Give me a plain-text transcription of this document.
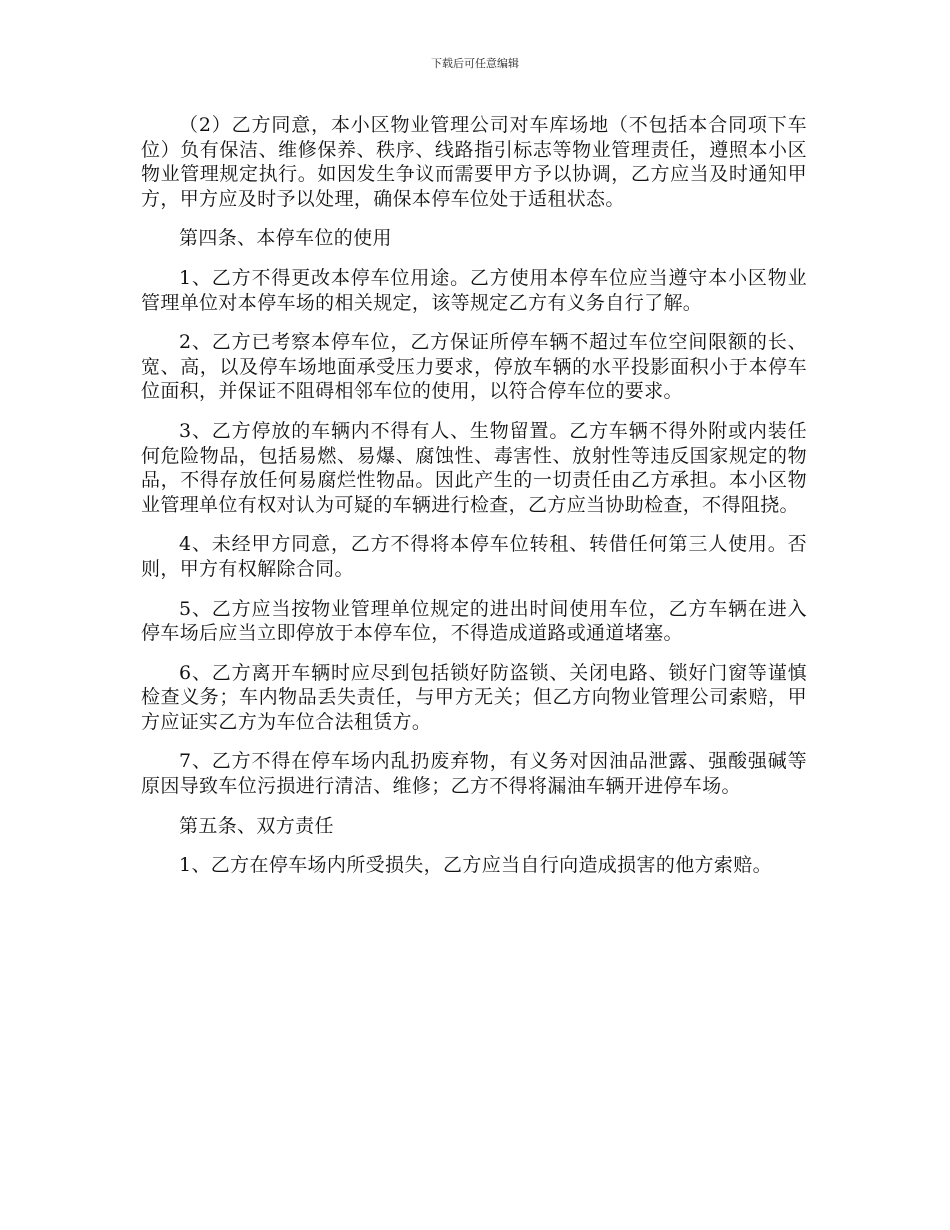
下载后可任意编辑

（2）乙方同意，本小区物业管理公司对车库场地（不包括本合同项下车位）负有保洁、维修保养、秩序、线路指引标志等物业管理责任，遵照本小区物业管理规定执行。如因发生争议而需要甲方予以协调，乙方应当及时通知甲方，甲方应及时予以处理，确保本停车位处于适租状态。

第四条、本停车位的使用

1、乙方不得更改本停车位用途。乙方使用本停车位应当遵守本小区物业管理单位对本停车场的相关规定，该等规定乙方有义务自行了解。

2、乙方已考察本停车位，乙方保证所停车辆不超过车位空间限额的长、宽、高，以及停车场地面承受压力要求，停放车辆的水平投影面积小于本停车位面积，并保证不阻碍相邻车位的使用，以符合停车位的要求。

3、乙方停放的车辆内不得有人、生物留置。乙方车辆不得外附或内装任何危险物品，包括易燃、易爆、腐蚀性、毒害性、放射性等违反国家规定的物品，不得存放任何易腐烂性物品。因此产生的一切责任由乙方承担。本小区物业管理单位有权对认为可疑的车辆进行检查，乙方应当协助检查，不得阻挠。

4、未经甲方同意，乙方不得将本停车位转租、转借任何第三人使用。否则，甲方有权解除合同。

5、乙方应当按物业管理单位规定的进出时间使用车位，乙方车辆在进入停车场后应当立即停放于本停车位，不得造成道路或通道堵塞。

6、乙方离开车辆时应尽到包括锁好防盗锁、关闭电路、锁好门窗等谨慎检查义务；车内物品丢失责任，与甲方无关；但乙方向物业管理公司索赔，甲方应证实乙方为车位合法租赁方。

7、乙方不得在停车场内乱扔废弃物，有义务对因油品泄露、强酸强碱等原因导致车位污损进行清洁、维修；乙方不得将漏油车辆开进停车场。

第五条、双方责任

1、乙方在停车场内所受损失，乙方应当自行向造成损害的他方索赔。
